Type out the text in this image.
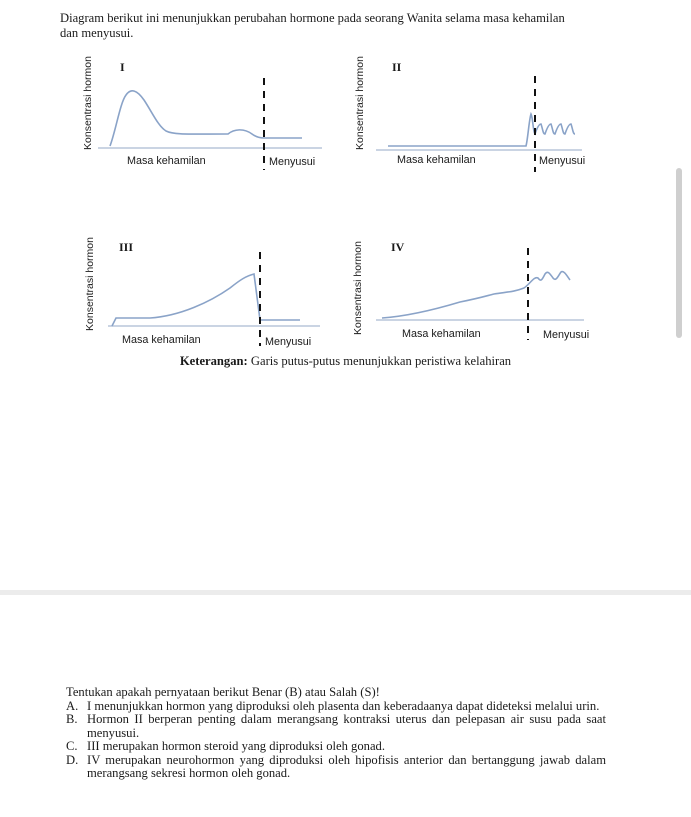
Diagram berikut ini menunjukkan perubahan hormone pada seorang Wanita selama masa kehamilan dan menyusui.
Konsentrasi hormon I
Masa kehamilan	Menyusui
Konsentrasi hormon II
Masa kehamilan	Menyusui
Konsentrasi hormon III
Masa kehamilan	Menyusui
Konsentrasi hormon IV
Masa kehamilan	Menyusui
Keterangan: Garis putus-putus menunjukkan peristiwa kelahiran
Tentukan apakah pernyataan berikut Benar (B) atau Salah (S)!
A. I menunjukkan hormon yang diproduksi oleh plasenta dan keberadaanya dapat dideteksi melalui urin.
B. Hormon II berperan penting dalam merangsang kontraksi uterus dan pelepasan air susu pada saat menyusui.
C. III merupakan hormon steroid yang diproduksi oleh gonad.
D. IV merupakan neurohormon yang diproduksi oleh hipofisis anterior dan bertanggung jawab dalam merangsang sekresi hormon oleh gonad.
